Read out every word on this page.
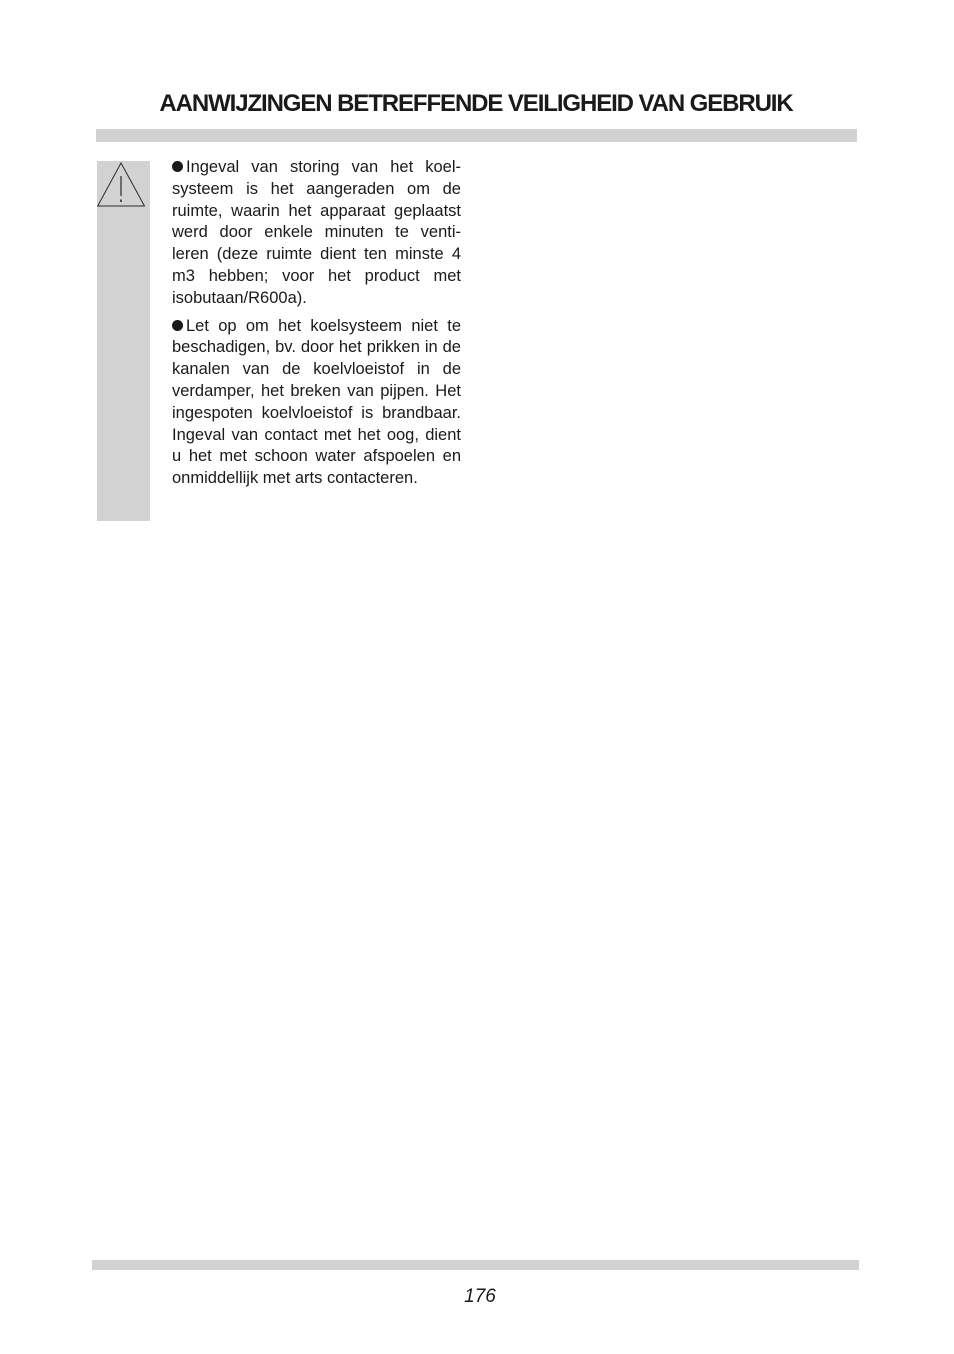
AANWIJZINGEN BETREFFENDE VEILIGHEID VAN GEBRUIK

Ingeval van storing van het koel-systeem is het aangeraden om de ruimte, waarin het apparaat geplaatst werd door enkele minuten te venti-leren (deze ruimte dient ten minste 4 m3 hebben; voor het product met isobutaan/R600a).

Let op om het koelsysteem niet te beschadigen, bv. door het prikken in de kanalen van de koelvloeistof in de verdamper, het breken van pijpen. Het ingespoten koelvloeistof is brandbaar. Ingeval van contact met het oog, dient u het met schoon water afspoelen en onmiddellijk met arts contacteren.

176
